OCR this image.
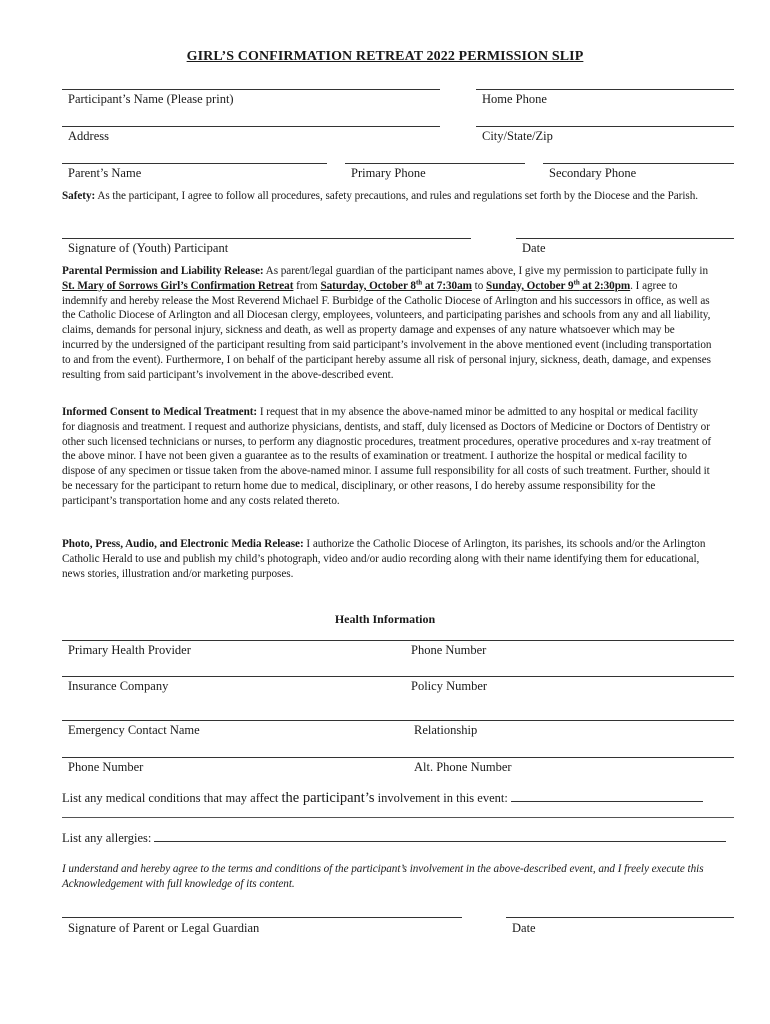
GIRL’S CONFIRMATION RETREAT 2022 PERMISSION SLIP
Participant’s Name (Please print)	Home Phone
Address	City/State/Zip
Parent’s Name	Primary Phone	Secondary Phone
Safety: As the participant, I agree to follow all procedures, safety precautions, and rules and regulations set forth by the Diocese and the Parish.
Signature of (Youth) Participant	Date
Parental Permission and Liability Release: As parent/legal guardian of the participant names above, I give my permission to participate fully in St. Mary of Sorrows Girl’s Confirmation Retreat from Saturday, October 8th at 7:30am to Sunday, October 9th at 2:30pm. I agree to indemnify and hereby release the Most Reverend Michael F. Burbidge of the Catholic Diocese of Arlington and his successors in office, as well as the Catholic Diocese of Arlington and all Diocesan clergy, employees, volunteers, and participating parishes and schools from any and all liability, claims, demands for personal injury, sickness and death, as well as property damage and expenses of any nature whatsoever which may be incurred by the undersigned of the participant resulting from said participant’s involvement in the above mentioned event (including transportation to and from the event). Furthermore, I on behalf of the participant hereby assume all risk of personal injury, sickness, death, damage, and expenses resulting from said participant’s involvement in the above-described event.
Informed Consent to Medical Treatment: I request that in my absence the above-named minor be admitted to any hospital or medical facility for diagnosis and treatment. I request and authorize physicians, dentists, and staff, duly licensed as Doctors of Medicine or Doctors of Dentistry or other such licensed technicians or nurses, to perform any diagnostic procedures, treatment procedures, operative procedures and x-ray treatment of the above minor. I have not been given a guarantee as to the results of examination or treatment. I authorize the hospital or medical facility to dispose of any specimen or tissue taken from the above-named minor. I assume full responsibility for all costs of such treatment. Further, should it be necessary for the participant to return home due to medical, disciplinary, or other reasons, I do hereby assume responsibility for the participant’s transportation home and any costs related thereto.
Photo, Press, Audio, and Electronic Media Release: I authorize the Catholic Diocese of Arlington, its parishes, its schools and/or the Arlington Catholic Herald to use and publish my child’s photograph, video and/or audio recording along with their name identifying them for educational, news stories, illustration and/or marketing purposes.
Health Information
Primary Health Provider	Phone Number
Insurance Company	Policy Number
Emergency Contact Name	Relationship
Phone Number	Alt. Phone Number
List any medical conditions that may affect the participant’s involvement in this event:
List any allergies:
I understand and hereby agree to the terms and conditions of the participant’s involvement in the above-described event, and I freely execute this Acknowledgement with full knowledge of its content.
Signature of Parent or Legal Guardian	Date
